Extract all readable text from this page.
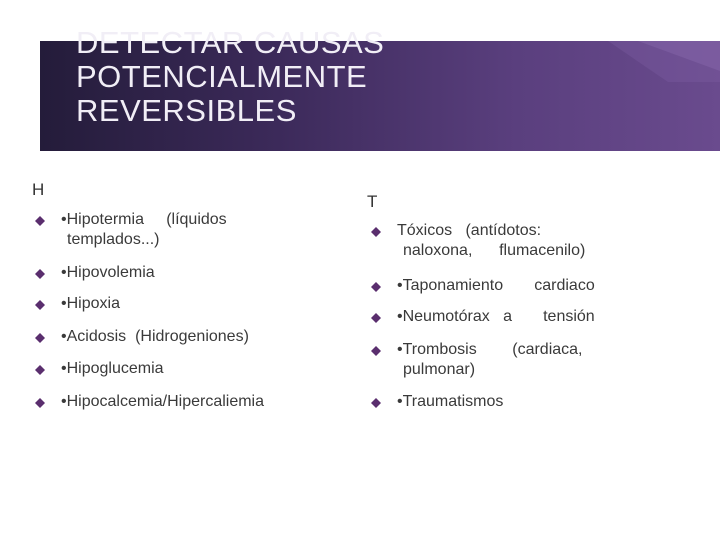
DETECTAR CAUSAS
POTENCIALMENTE
REVERSIBLES
H
T
•Hipotermia     (líquidos
templados...)
•Hipovolemia
•Hipoxia
•Acidosis  (Hidrogeniones)
•Hipoglucemia
•Hipocalcemia/Hipercaliemia
Tóxicos   (antídotos:
naloxona,      flumacenilo)
•Taponamiento       cardiaco
•Neumotórax   a       tensión
•Trombosis        (cardiaca,
pulmonar)
•Traumatismos
